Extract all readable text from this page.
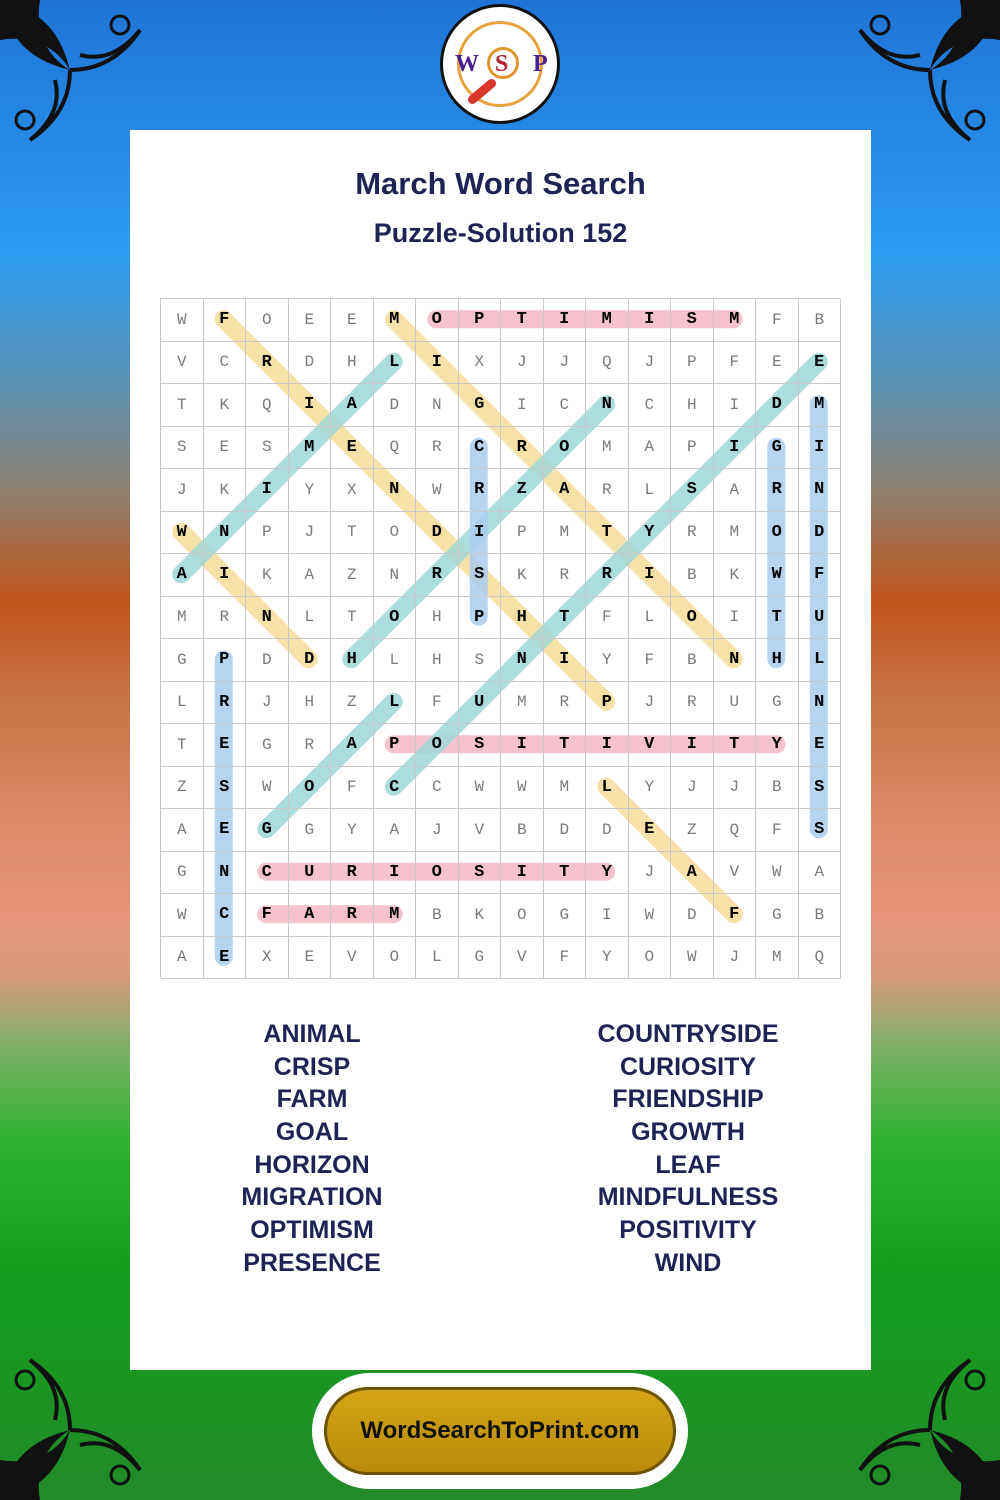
W S P
March Word Search
Puzzle-Solution 152
W	F	O	E	E	M	O	P	T	I	M	I	S	M	F	B
V	C	R	D	H	L	I	X	J	J	Q	J	P	F	E	E
T	K	Q	I	A	D	N	G	I	C	N	C	H	I	D	M
S	E	S	M	E	Q	R	C	R	O	M	A	P	I	G	I
J	K	I	Y	X	N	W	R	Z	A	R	L	S	A	R	N
W	N	P	J	T	O	D	I	P	M	T	Y	R	M	O	D
A	I	K	A	Z	N	R	S	K	R	R	I	B	K	W	F
M	R	N	L	T	O	H	P	H	T	F	L	O	I	T	U
G	P	D	D	H	L	H	S	N	I	Y	F	B	N	H	L
L	R	J	H	Z	L	F	U	M	R	P	J	R	U	G	N
T	E	G	R	A	P	O	S	I	T	I	V	I	T	Y	E
Z	S	W	O	F	C	C	W	W	M	L	Y	J	J	B	S
A	E	G	G	Y	A	J	V	B	D	D	E	Z	Q	F	S
G	N	C	U	R	I	O	S	I	T	Y	J	A	V	W	A
W	C	F	A	R	M	B	K	O	G	I	W	D	F	G	B
A	E	X	E	V	O	L	G	V	F	Y	O	W	J	M	Q
ANIMAL
CRISP
FARM
GOAL
HORIZON
MIGRATION
OPTIMISM
PRESENCE
COUNTRYSIDE
CURIOSITY
FRIENDSHIP
GROWTH
LEAF
MINDFULNESS
POSITIVITY
WIND
WordSearchToPrint.com
